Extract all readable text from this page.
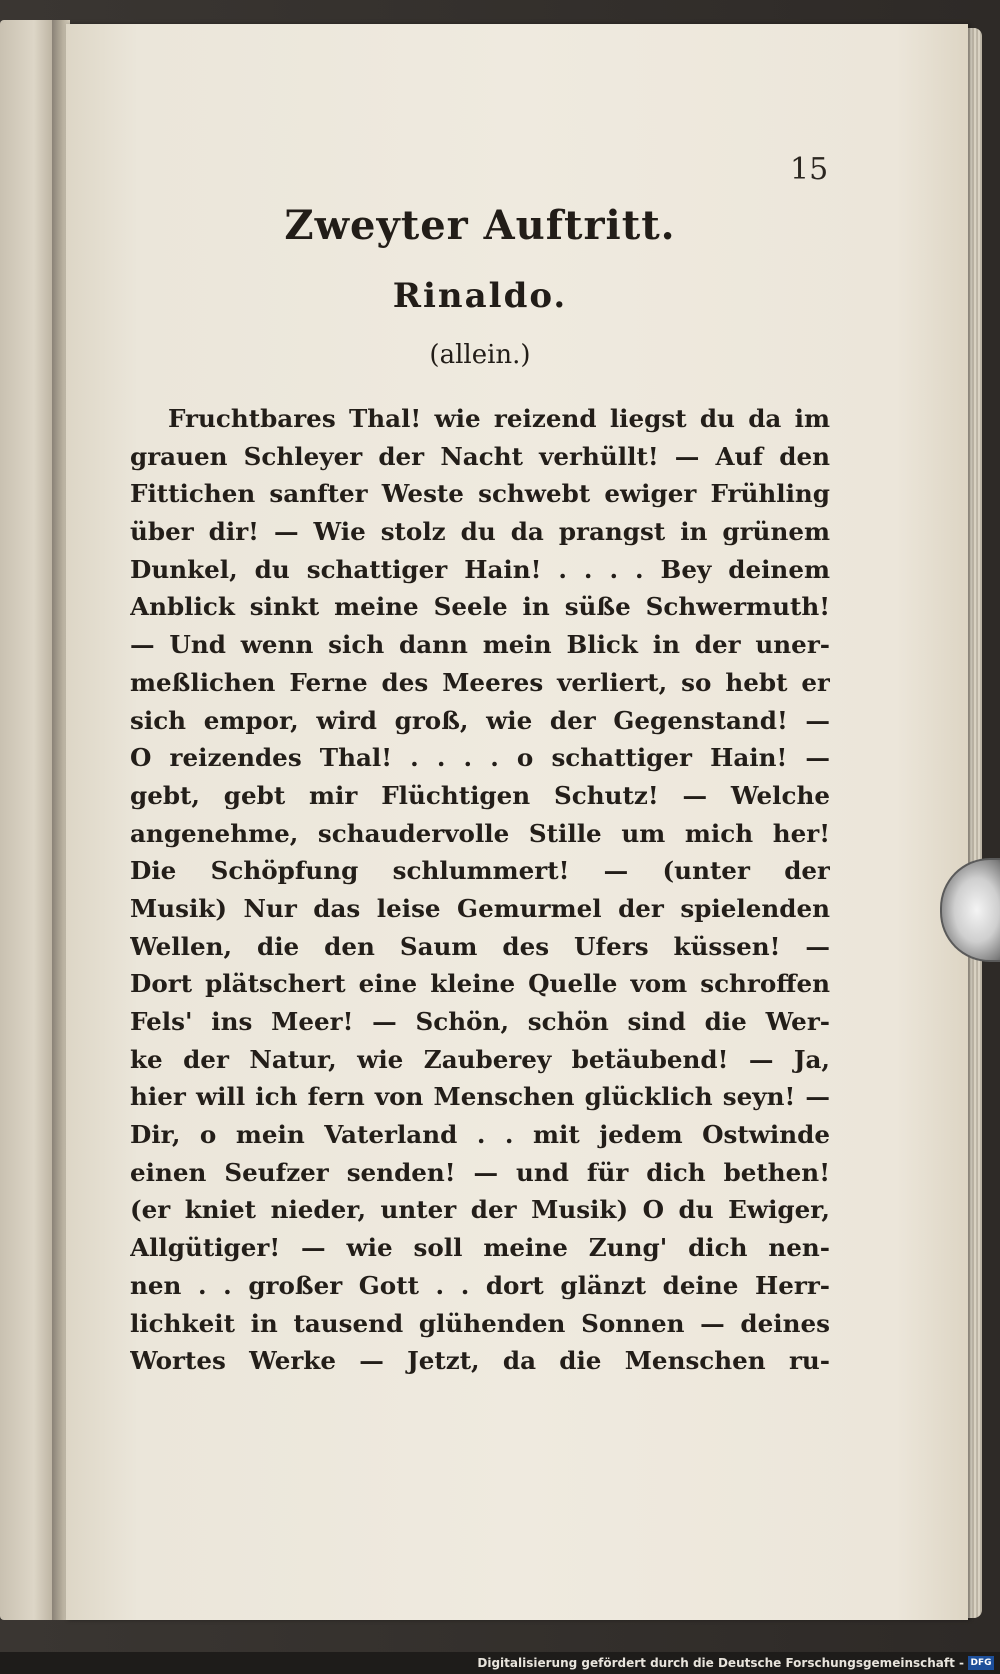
15
Zweyter Auftritt.
Rinaldo.
(allein.)
Fruchtbares Thal! wie reizend liegst du da im
grauen Schleyer der Nacht verhüllt! — Auf den
Fittichen sanfter Weste schwebt ewiger Frühling
über dir! — Wie stolz du da prangst in grünem
Dunkel, du schattiger Hain! . . . . Bey deinem
Anblick sinkt meine Seele in süße Schwermuth!
— Und wenn sich dann mein Blick in der uner-
meßlichen Ferne des Meeres verliert, so hebt er
sich empor, wird groß, wie der Gegenstand! —
O reizendes Thal! . . . . o schattiger Hain! —
gebt, gebt mir Flüchtigen Schutz! — Welche
angenehme, schaudervolle Stille um mich her!
Die Schöpfung schlummert! — (unter der
Musik) Nur das leise Gemurmel der spielenden
Wellen, die den Saum des Ufers küssen! —
Dort plätschert eine kleine Quelle vom schroffen
Fels' ins Meer! — Schön, schön sind die Wer-
ke der Natur, wie Zauberey betäubend! — Ja,
hier will ich fern von Menschen glücklich seyn! —
Dir, o mein Vaterland . . mit jedem Ostwinde
einen Seufzer senden! — und für dich bethen!
(er kniet nieder, unter der Musik) O du Ewiger,
Allgütiger! — wie soll meine Zung' dich nen-
nen . . großer Gott . . dort glänzt deine Herr-
lichkeit in tausend glühenden Sonnen — deines
Wortes Werke — Jetzt, da die Menschen ru-
Digitalisierung gefördert durch die Deutsche Forschungsgemeinschaft - DFG
